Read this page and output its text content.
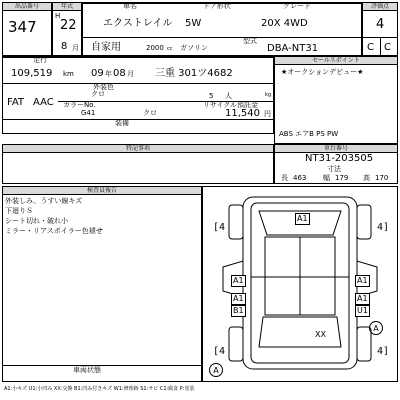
出品番号
347
年式
H
22
8 月
車名	ドア形状	グレード
エクストレイル 5W	20X 4WD
型式
自家用	2000 cc ガソリン	DBA-NT31
評価点
4
C C
走行
109,519 km 09 年 08 月 三重 301ツ4682
外装色
FAT AAC
クロ	5 人	kg
カラーNo.	リサイクル預託金
G41	クロ	11,540 円
装備
セールスポイント
★オークションデビュー★
ABS エアB PS PW
特記事項	車台番号
NT31-203505
寸法
長 463 幅 179 高 170
検査員報告
外装しみ、うすい線キズ
下廻りＳ
シート切れ・破れ小
ミラー・リアスポイラー色褪せ
車両状態
[4	4]
[4	4]
A1
A1
A1
B1
A1
A1
U1
XX
A
A
A1:小キズ U1:小凹み XX:交換 B1:凹み付きキズ W1:修理跡 S1:サビ C1:腐食 P:塗装
